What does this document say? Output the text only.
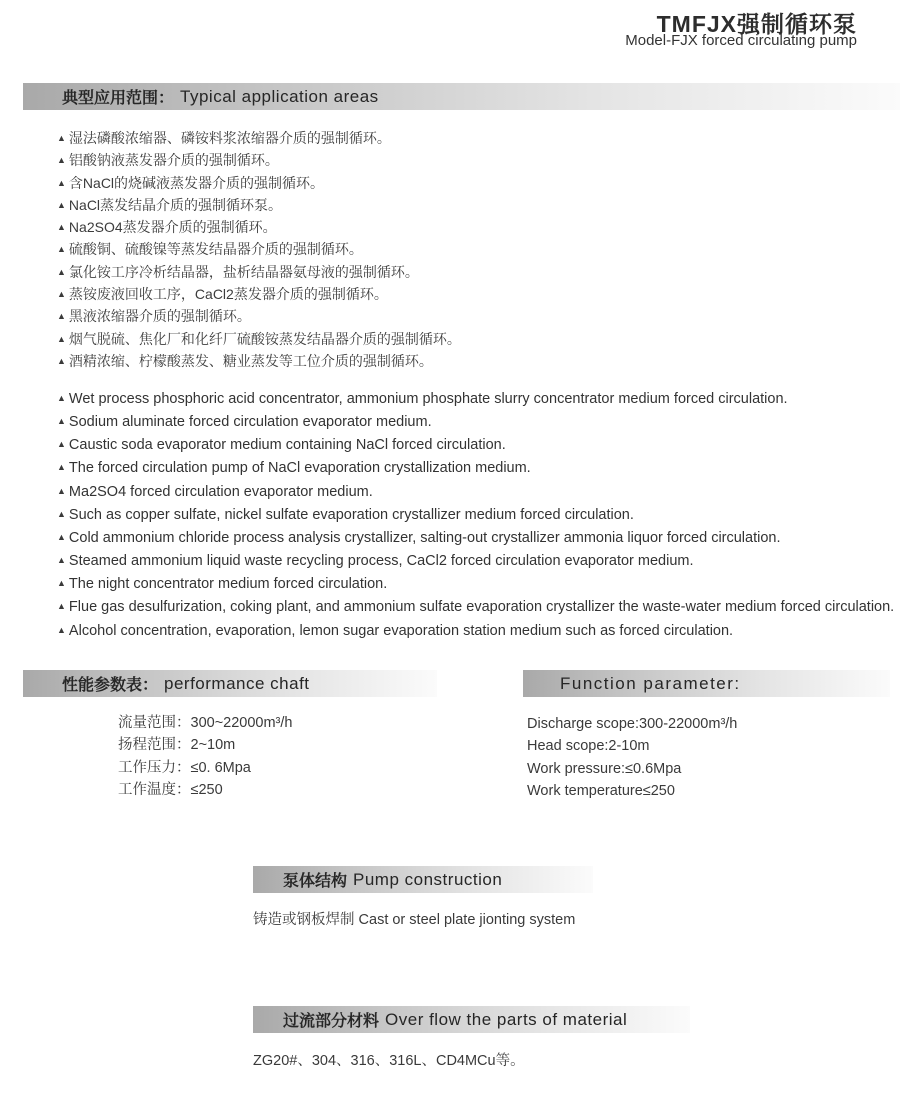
TMFJX强制循环泵
Model-FJX forced circulating pump
典型应用范围： Typical application areas
▲ 湿法磷酸浓缩器、磷铵料浆浓缩器介质的强制循环。
▲ 铝酸钠液蒸发器介质的强制循环。
▲ 含NaCl的烧碱液蒸发器介质的强制循环。
▲ NaCl蒸发结晶介质的强制循环泵。
▲ Na2SO4蒸发器介质的强制循环。
▲ 硫酸铜、硫酸镍等蒸发结晶器介质的强制循环。
▲ 氯化铵工序冷析结晶器，盐析结晶器氨母液的强制循环。
▲ 蒸铵废液回收工序，CaCl2蒸发器介质的强制循环。
▲ 黑液浓缩器介质的强制循环。
▲ 烟气脱硫、焦化厂和化纤厂硫酸铵蒸发结晶器介质的强制循环。
▲ 酒精浓缩、柠檬酸蒸发、糖业蒸发等工位介质的强制循环。
▲ Wet process phosphoric acid concentrator, ammonium phosphate slurry concentrator medium forced circulation.
▲ Sodium aluminate forced circulation evaporator medium.
▲ Caustic soda evaporator medium containing NaCl forced circulation.
▲ The forced circulation pump of NaCl evaporation crystallization medium.
▲ Ma2SO4 forced circulation evaporator medium.
▲ Such as copper sulfate, nickel sulfate evaporation crystallizer medium forced circulation.
▲ Cold ammonium chloride process analysis crystallizer, salting-out crystallizer ammonia liquor forced circulation.
▲ Steamed ammonium liquid waste recycling process, CaCl2 forced circulation evaporator medium.
▲ The night concentrator medium forced circulation.
▲ Flue gas desulfurization, coking plant, and ammonium sulfate evaporation crystallizer the waste-water medium forced circulation.
▲ Alcohol concentration, evaporation, lemon sugar evaporation station medium such as forced circulation.
性能参数表： performance chaft	Function parameter:
流量范围：300~22000m³/h
扬程范围：2~10m
工作压力：≤0. 6Mpa
工作温度：≤250
Discharge scope:300-22000m³/h
Head scope:2-10m
Work pressure:≤0.6Mpa
Work temperature≤250
泵体结构 Pump construction
铸造或钢板焊制 Cast or steel plate jionting system
过流部分材料 Over flow the parts of material
ZG20#、304、316、316L、CD4MCu等。
